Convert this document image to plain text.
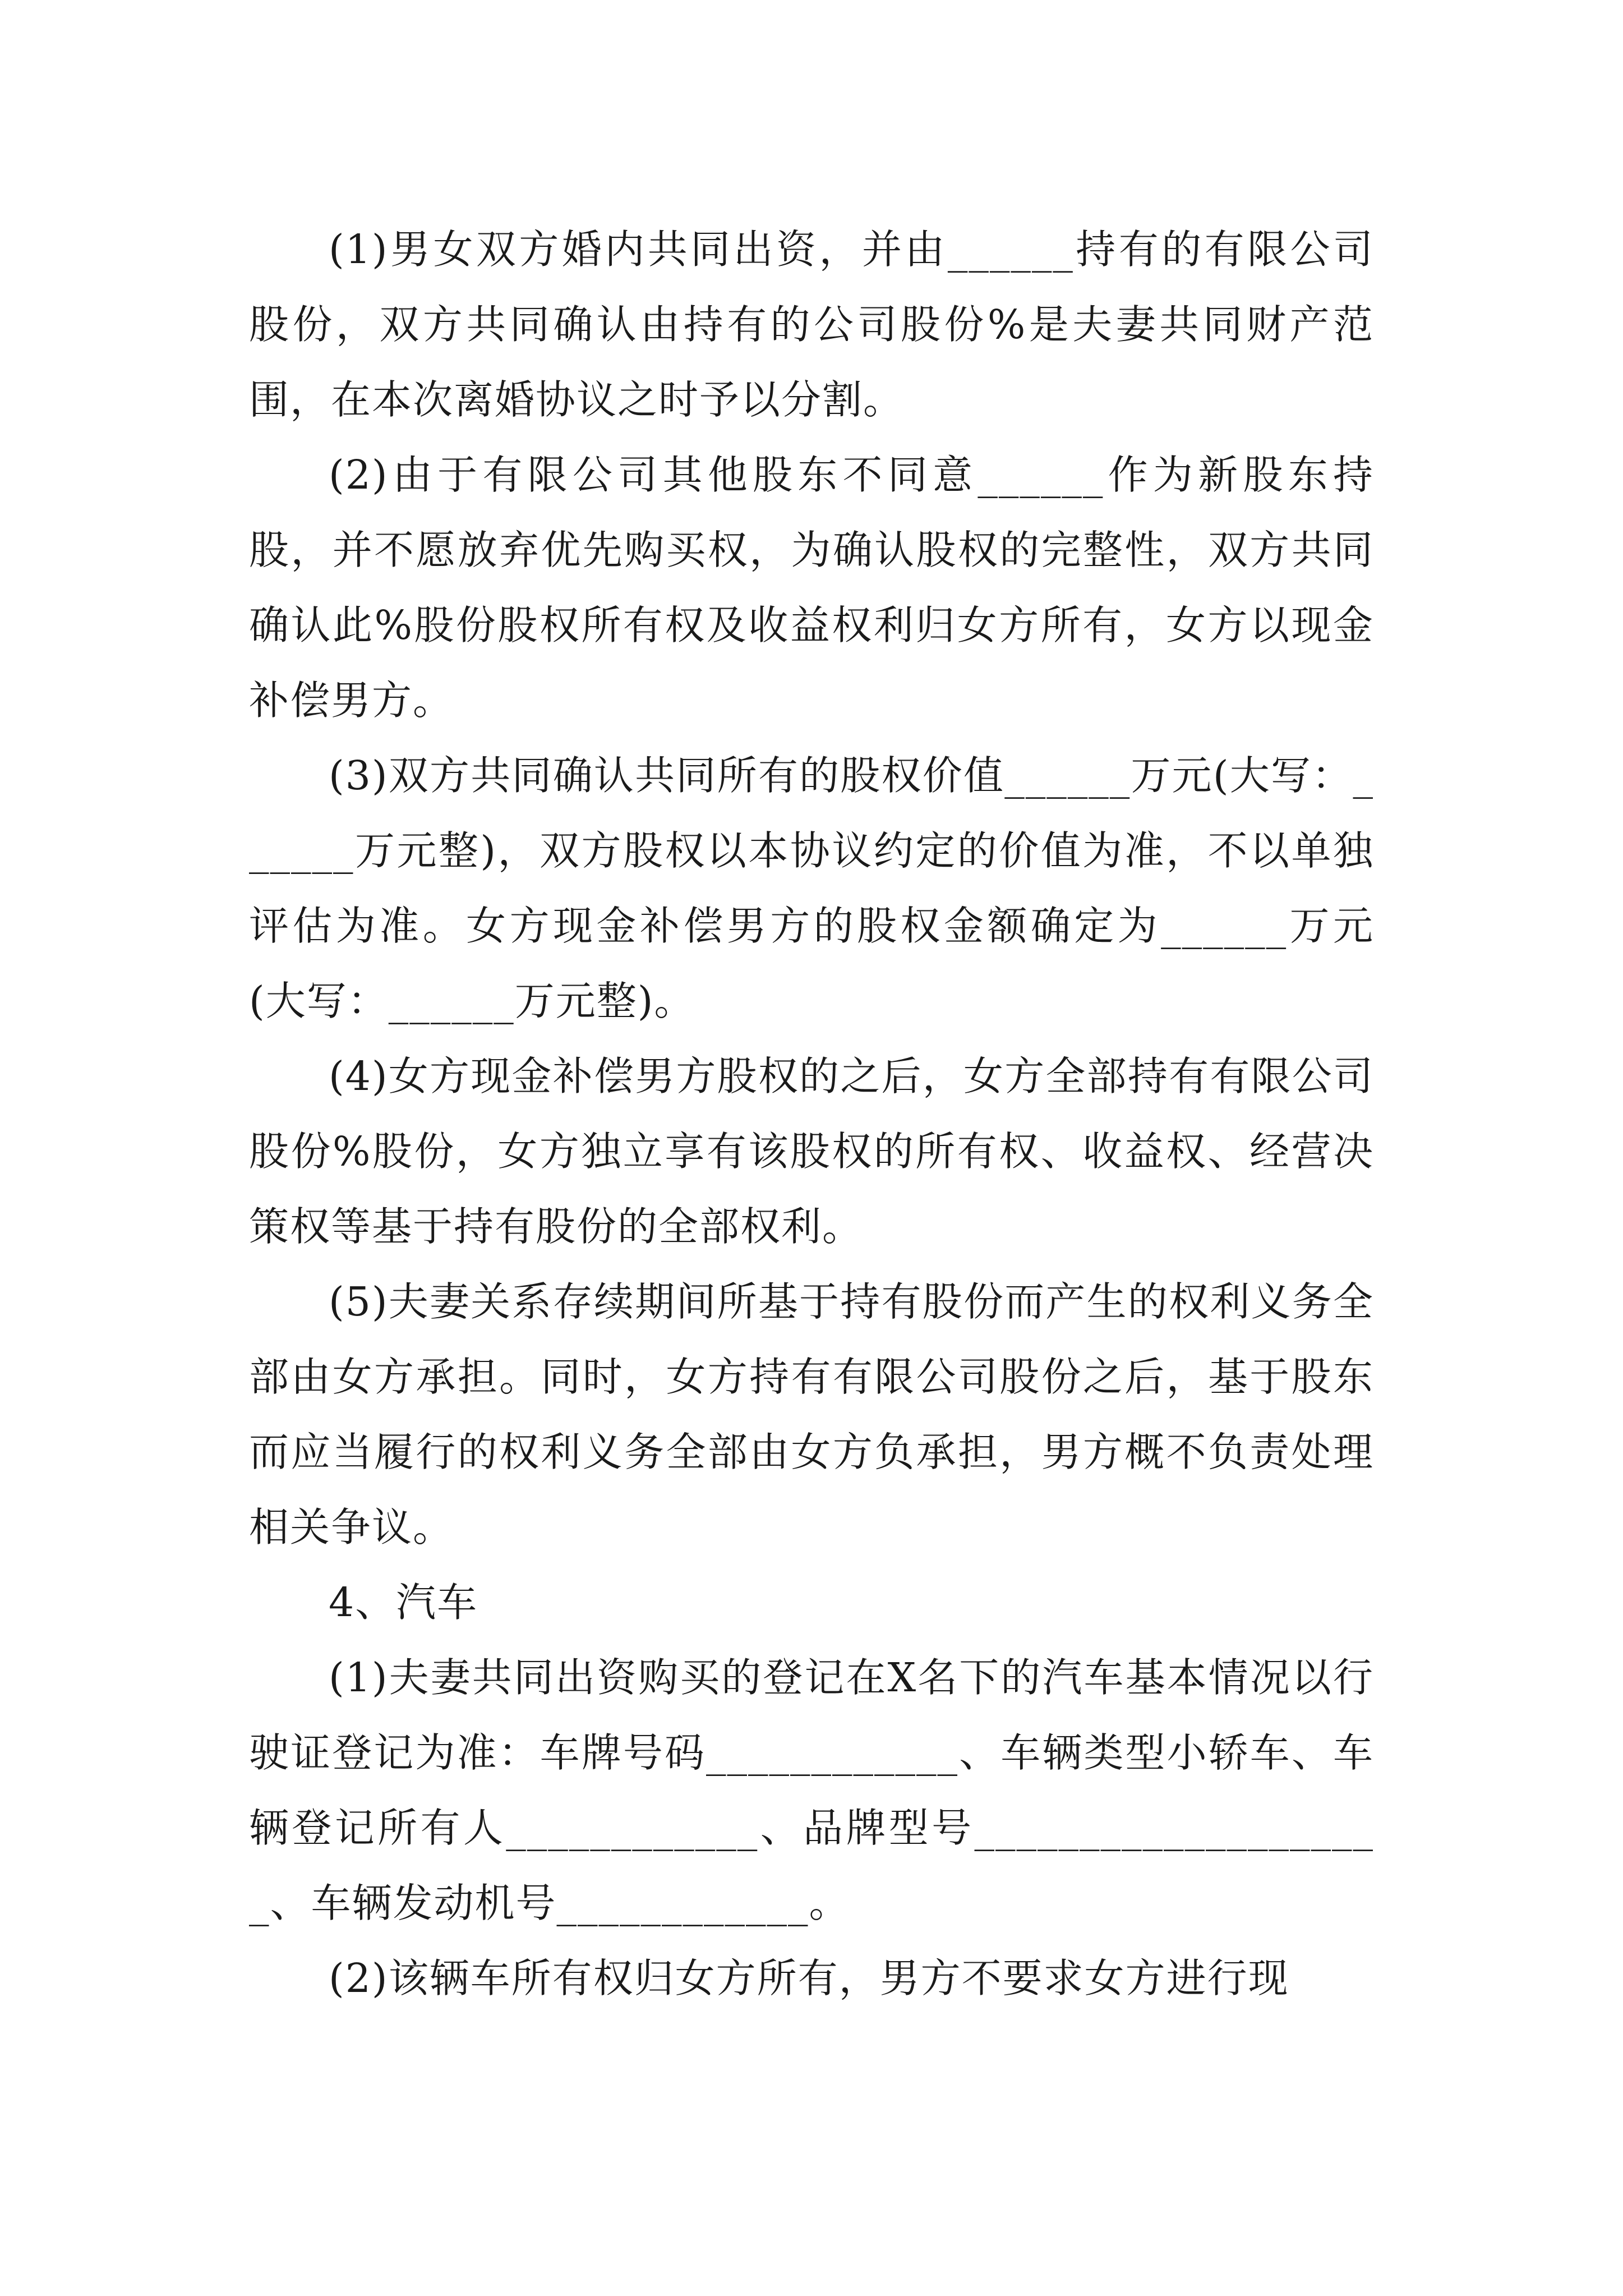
(1)男女双方婚内共同出资，并由______持有的有限公司股份，双方共同确认由持有的公司股份%是夫妻共同财产范围，在本次离婚协议之时予以分割。

(2)由于有限公司其他股东不同意______作为新股东持股，并不愿放弃优先购买权，为确认股权的完整性，双方共同确认此%股份股权所有权及收益权利归女方所有，女方以现金补偿男方。

(3)双方共同确认共同所有的股权价值______万元(大写：______万元整)，双方股权以本协议约定的价值为准，不以单独评估为准。女方现金补偿男方的股权金额确定为______万元(大写：______万元整)。

(4)女方现金补偿男方股权的之后，女方全部持有有限公司股份%股份，女方独立享有该股权的所有权、收益权、经营决策权等基于持有股份的全部权利。

(5)夫妻关系存续期间所基于持有股份而产生的权利义务全部由女方承担。同时，女方持有有限公司股份之后，基于股东而应当履行的权利义务全部由女方负承担，男方概不负责处理相关争议。

4、汽车

(1)夫妻共同出资购买的登记在X名下的汽车基本情况以行驶证登记为准：车牌号码____________、车辆类型小轿车、车辆登记所有人____________、品牌型号____________________、车辆发动机号____________。

(2)该辆车所有权归女方所有，男方不要求女方进行现
